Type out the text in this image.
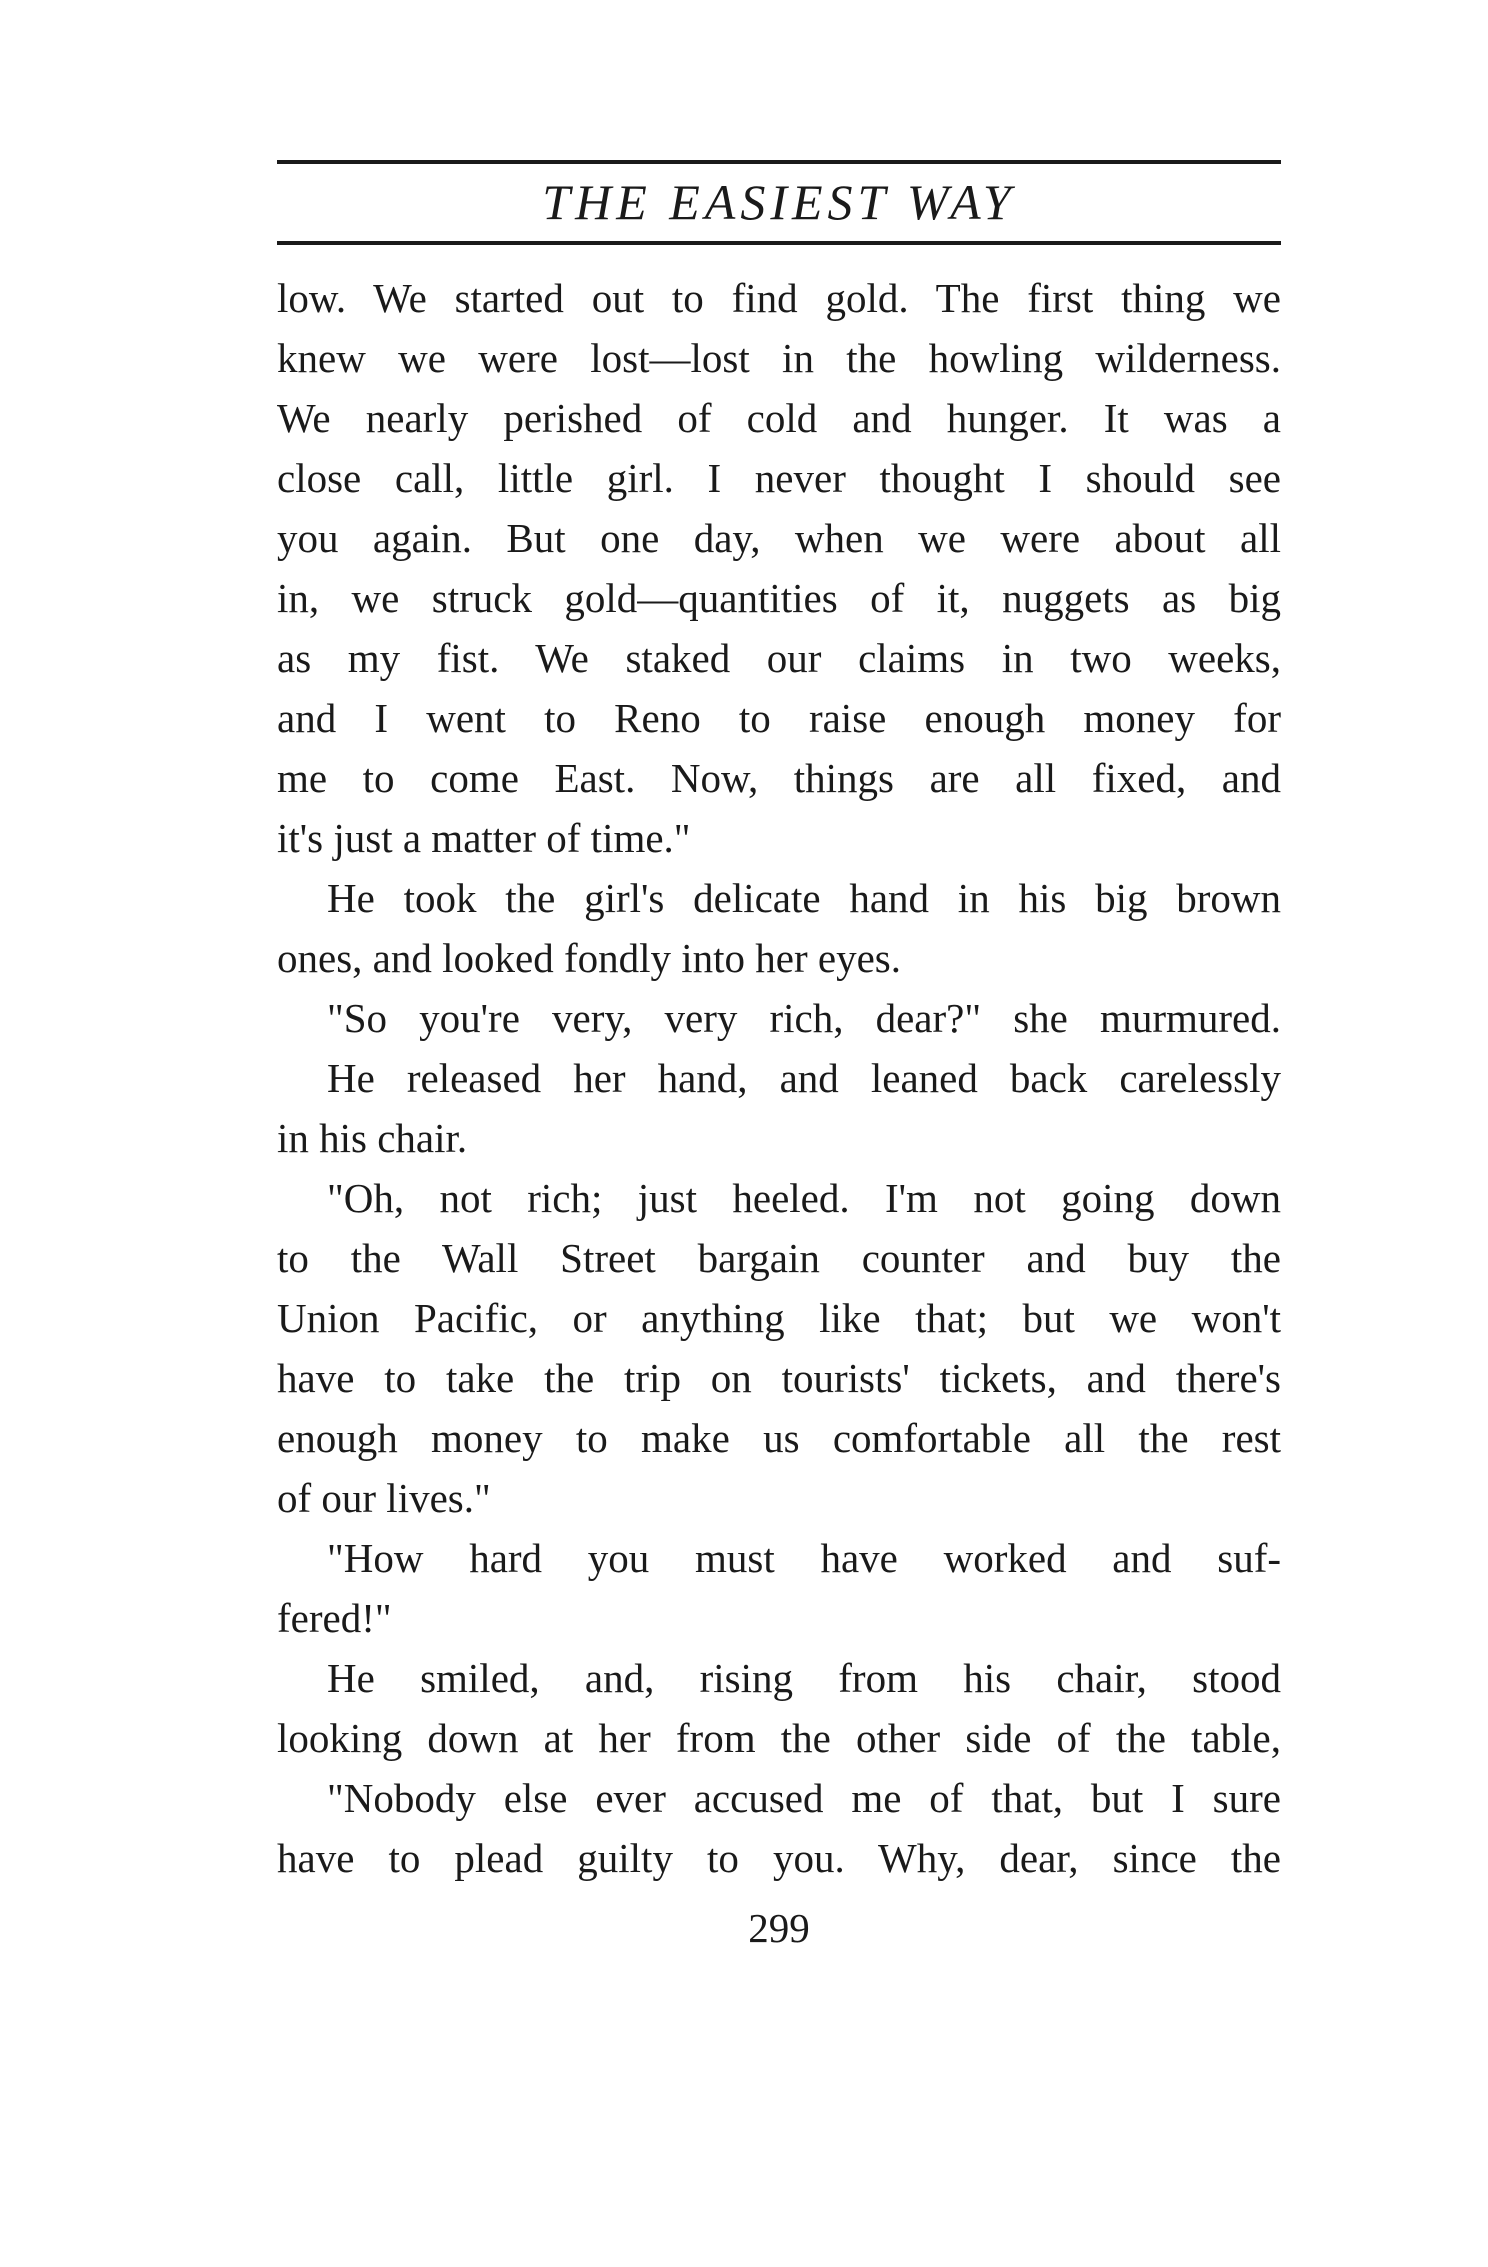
THE EASIEST WAY
low. We started out to find gold. The first thing we
knew we were lost—lost in the howling wilderness.
We nearly perished of cold and hunger. It was a
close call, little girl. I never thought I should see
you again. But one day, when we were about all
in, we struck gold—quantities of it, nuggets as big
as my fist. We staked our claims in two weeks,
and I went to Reno to raise enough money for
me to come East. Now, things are all fixed, and
it's just a matter of time."
He took the girl's delicate hand in his big brown
ones, and looked fondly into her eyes.
"So you're very, very rich, dear?" she murmured.
He released her hand, and leaned back carelessly
in his chair.
"Oh, not rich; just heeled. I'm not going down
to the Wall Street bargain counter and buy the
Union Pacific, or anything like that; but we won't
have to take the trip on tourists' tickets, and there's
enough money to make us comfortable all the rest
of our lives."
"How hard you must have worked and suf-
fered!"
He smiled, and, rising from his chair, stood
looking down at her from the other side of the table,
"Nobody else ever accused me of that, but I sure
have to plead guilty to you. Why, dear, since the
299
